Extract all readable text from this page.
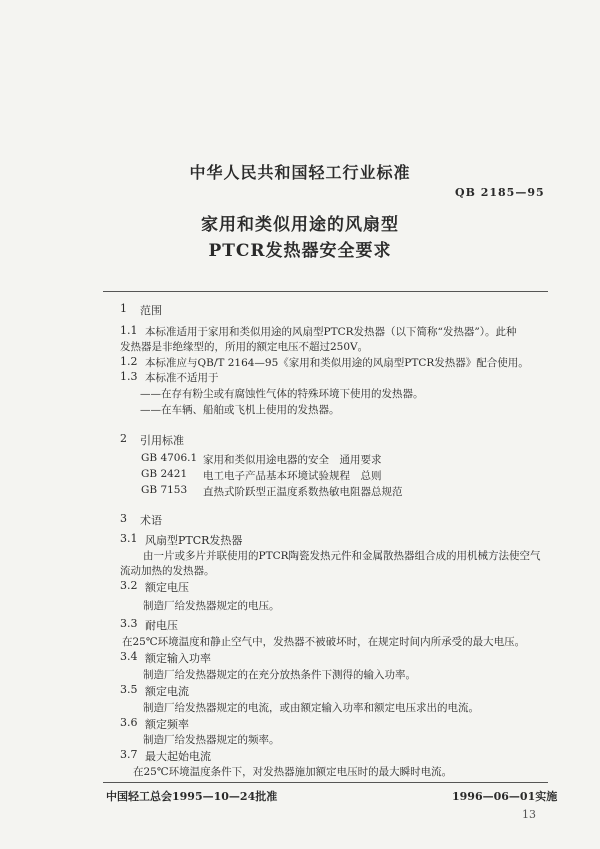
中华人民共和国轻工行业标准
QB 2185—95
家用和类似用途的风扇型
PTCR发热器安全要求
1 范围
1.1 本标准适用于家用和类似用途的风扇型PTCR发热器（以下简称“发热器”）。此种
发热器是非绝缘型的，所用的额定电压不超过250V。
1.2 本标准应与QB/T 2164—95《家用和类似用途的风扇型PTCR发热器》配合使用。
1.3 本标准不适用于
——在存有粉尘或有腐蚀性气体的特殊环境下使用的发热器。
——在车辆、船舶或飞机上使用的发热器。
2 引用标准
GB 4706.1 家用和类似用途电器的安全　通用要求
GB 2421 电工电子产品基本环境试验规程　总则
GB 7153 直热式阶跃型正温度系数热敏电阻器总规范
3 术语
3.1 风扇型PTCR发热器
由一片或多片并联使用的PTCR陶瓷发热元件和金属散热器组合成的用机械方法使空气
流动加热的发热器。
3.2 额定电压
制造厂给发热器规定的电压。
3.3 耐电压
在25℃环境温度和静止空气中，发热器不被破坏时，在规定时间内所承受的最大电压。
3.4 额定输入功率
制造厂给发热器规定的在充分放热条件下测得的输入功率。
3.5 额定电流
制造厂给发热器规定的电流，或由额定输入功率和额定电压求出的电流。
3.6 额定频率
制造厂给发热器规定的频率。
3.7 最大起始电流
在25℃环境温度条件下，对发热器施加额定电压时的最大瞬时电流。
中国轻工总会1995—10—24批准	1996—06—01实施
13
